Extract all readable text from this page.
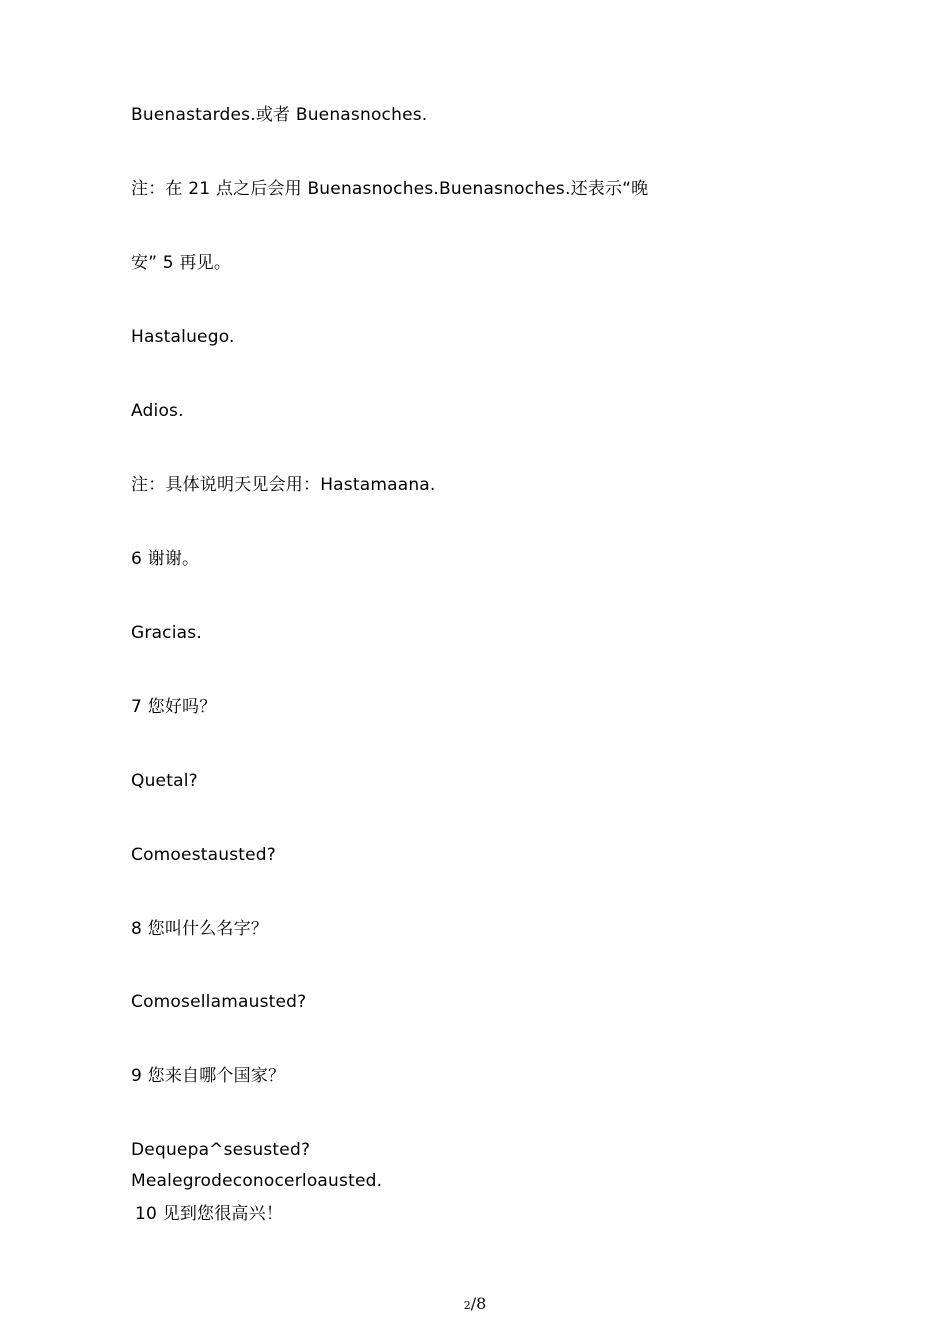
Buenastardes.或者 Buenasnoches.
注：在 21 点之后会用 Buenasnoches.Buenasnoches.还表示“晚
安” 5 再见。
Hastaluego.
Adios.
注：具体说明天见会用：Hastamaana.
6 谢谢。
Gracias.
7 您好吗？
Quetal?
Comoestausted?
8 您叫什么名字？
Comosellamausted?
9 您来自哪个国家？
Dequepa^sesusted?
Mealegrodeconocerloausted.
10 见到您很高兴！
2/8
